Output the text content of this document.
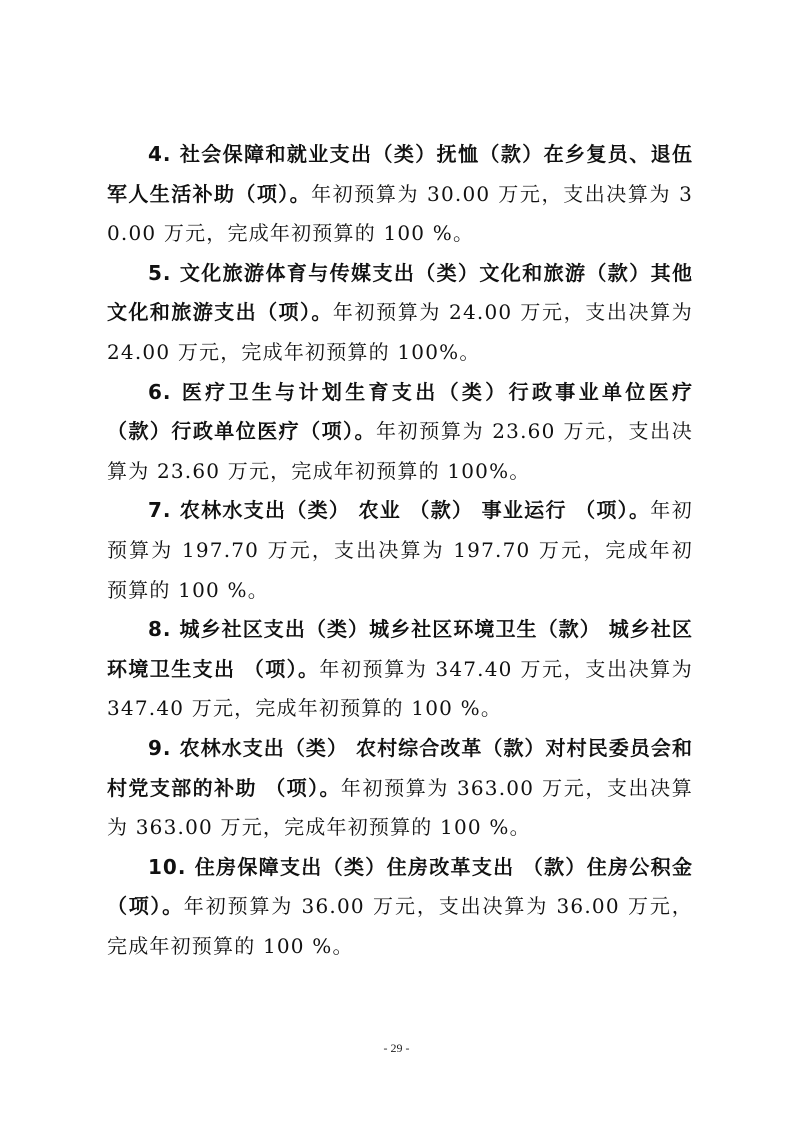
4. 社会保障和就业支出（类）抚恤（款）在乡复员、退伍军人生活补助（项）。年初预算为 30.00 万元，支出决算为 30.00 万元，完成年初预算的 100 %。

5. 文化旅游体育与传媒支出（类）文化和旅游（款）其他文化和旅游支出（项）。年初预算为 24.00 万元，支出决算为 24.00 万元，完成年初预算的 100%。

6. 医疗卫生与计划生育支出（类）行政事业单位医疗（款）行政单位医疗（项）。年初预算为 23.60 万元，支出决算为 23.60 万元，完成年初预算的 100%。

7. 农林水支出（类） 农业 （款） 事业运行 （项）。年初预算为 197.70 万元，支出决算为 197.70 万元，完成年初预算的 100 %。

8. 城乡社区支出（类）城乡社区环境卫生（款） 城乡社区环境卫生支出 （项）。年初预算为 347.40 万元，支出决算为 347.40 万元，完成年初预算的 100 %。

9. 农林水支出（类） 农村综合改革（款）对村民委员会和村党支部的补助 （项）。年初预算为 363.00 万元，支出决算为 363.00 万元，完成年初预算的 100 %。

10. 住房保障支出（类）住房改革支出 （款）住房公积金（项）。年初预算为 36.00 万元，支出决算为 36.00 万元，完成年初预算的 100 %。

- 29 -
